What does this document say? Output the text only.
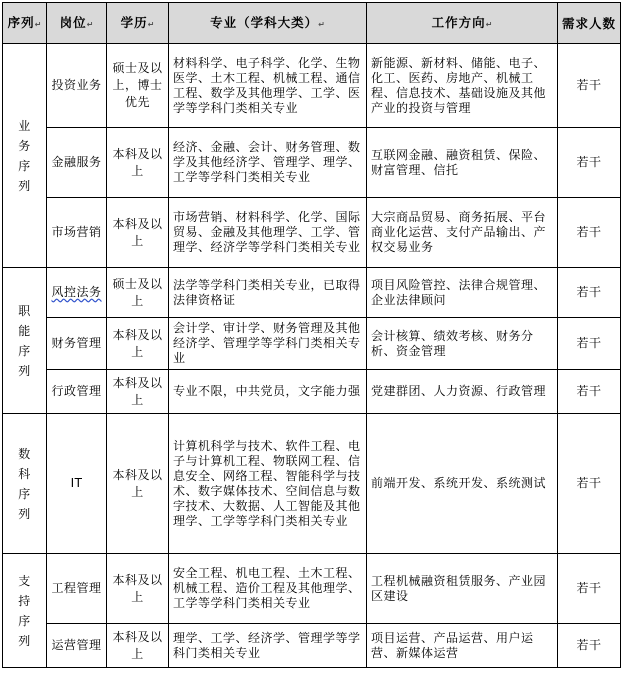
序列↵	岗位↵	学历↵	专业（学科大类）↵	工作方向↵	需求人数
业务序列	投资业务	硕士及以上，博士优先	材料科学、电子科学、化学、生物医学、土木工程、机械工程、通信工程、数学及其他理学、工学、医学等学科门类相关专业	新能源、新材料、储能、电子、化工、医药、房地产、机械工程、信息技术、基础设施及其他产业的投资与管理	若干
	金融服务	本科及以上	经济、金融、会计、财务管理、数学及其他经济学、管理学、理学、工学等学科门类相关专业	互联网金融、融资租赁、保险、财富管理、信托	若干
	市场营销	本科及以上	市场营销、材料科学、化学、国际贸易、金融及其他理学、工学、管理学、经济学等学科门类相关专业	大宗商品贸易、商务拓展、平台商业化运营、支付产品输出、产权交易业务	若干
职能序列	风控法务	硕士及以上	法学等学科门类相关专业，已取得法律资格证	项目风险管控、法律合规管理、企业法律顾问	若干
	财务管理	本科及以上	会计学、审计学、财务管理及其他经济学、管理学等学科门类相关专业	会计核算、绩效考核、财务分析、资金管理	若干
	行政管理	本科及以上	专业不限，中共党员，文字能力强	党建群团、人力资源、行政管理	若干
数科序列	IT	本科及以上	计算机科学与技术、软件工程、电子与计算机工程、物联网工程、信息安全、网络工程、智能科学与技术、数字媒体技术、空间信息与数字技术、大数据、人工智能及其他理学、工学等学科门类相关专业	前端开发、系统开发、系统测试	若干
支持序列	工程管理	本科及以上	安全工程、机电工程、土木工程、机械工程、造价工程及其他理学、工学等学科门类相关专业	工程机械融资租赁服务、产业园区建设	若干
	运营管理	本科及以上	理学、工学、经济学、管理学等学科门类相关专业	项目运营、产品运营、用户运营、新媒体运营	若干
